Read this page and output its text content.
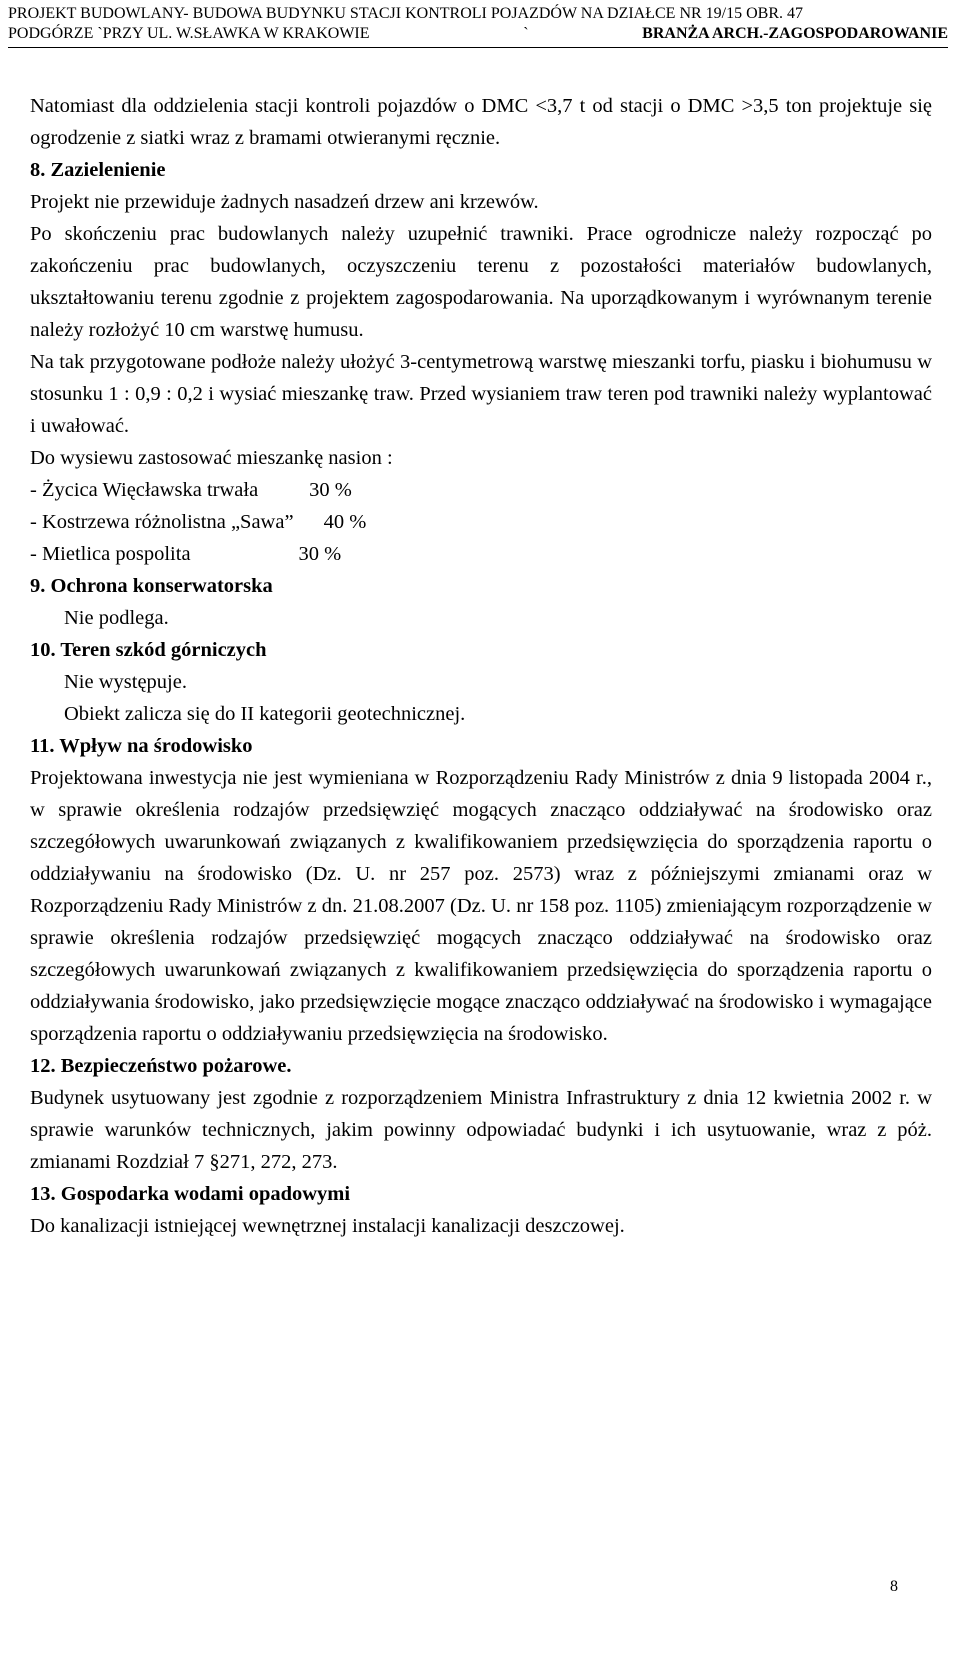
PROJEKT BUDOWLANY- BUDOWA BUDYNKU STACJI KONTROLI POJAZDÓW NA DZIAŁCE NR 19/15 OBR. 47
PODGÓRZE `PRZY UL. W.SŁAWKA W KRAKOWIE	`	BRANŻA ARCH.-ZAGOSPODAROWANIE

Natomiast dla oddzielenia stacji kontroli pojazdów o DMC <3,7 t od stacji o DMC >3,5 ton projektuje się ogrodzenie z siatki wraz z bramami otwieranymi ręcznie.

8. Zazielenienie

Projekt nie przewiduje żadnych nasadzeń drzew ani krzewów.

Po skończeniu prac budowlanych należy uzupełnić trawniki. Prace ogrodnicze należy rozpocząć po zakończeniu prac budowlanych, oczyszczeniu terenu z pozostałości materiałów budowlanych, ukształtowaniu terenu zgodnie z projektem zagospodarowania. Na uporządkowanym i wyrównanym terenie należy rozłożyć 10 cm warstwę humusu.

Na tak przygotowane podłoże należy ułożyć 3-centymetrową warstwę mieszanki torfu, piasku i biohumusu w stosunku 1 : 0,9 : 0,2 i wysiać mieszankę traw. Przed wysianiem traw teren pod trawniki należy wyplantować i uwałować.

Do wysiewu zastosować mieszankę nasion :

- Życica Więcławska trwała 30 %
- Kostrzewa różnolistna „Sawa” 40 %
- Mietlica pospolita	30 %

9. Ochrona konserwatorska

Nie podlega.

10. Teren szkód górniczych

Nie występuje.

Obiekt zalicza się do II kategorii geotechnicznej.

11. Wpływ na środowisko

Projektowana inwestycja nie jest wymieniana w Rozporządzeniu Rady Ministrów z dnia 9 listopada 2004 r., w sprawie określenia rodzajów przedsięwzięć mogących znacząco oddziaływać na środowisko oraz szczegółowych uwarunkowań związanych z kwalifikowaniem przedsięwzięcia do sporządzenia raportu o oddziaływaniu na środowisko (Dz. U. nr 257 poz. 2573) wraz z późniejszymi zmianami oraz w Rozporządzeniu Rady Ministrów z dn. 21.08.2007 (Dz. U. nr 158 poz. 1105) zmieniającym rozporządzenie w sprawie określenia rodzajów przedsięwzięć mogących znacząco oddziaływać na środowisko oraz szczegółowych uwarunkowań związanych z kwalifikowaniem przedsięwzięcia do sporządzenia raportu o oddziaływania środowisko, jako przedsięwzięcie mogące znacząco oddziaływać na środowisko i wymagające sporządzenia raportu o oddziaływaniu przedsięwzięcia na środowisko.

12. Bezpieczeństwo pożarowe.

Budynek usytuowany jest zgodnie z rozporządzeniem Ministra Infrastruktury z dnia 12 kwietnia 2002 r. w sprawie warunków technicznych, jakim powinny odpowiadać budynki i ich usytuowanie, wraz z póż. zmianami Rozdział 7 §271, 272, 273.

13. Gospodarka wodami opadowymi

Do kanalizacji istniejącej wewnętrznej instalacji kanalizacji deszczowej.

8
